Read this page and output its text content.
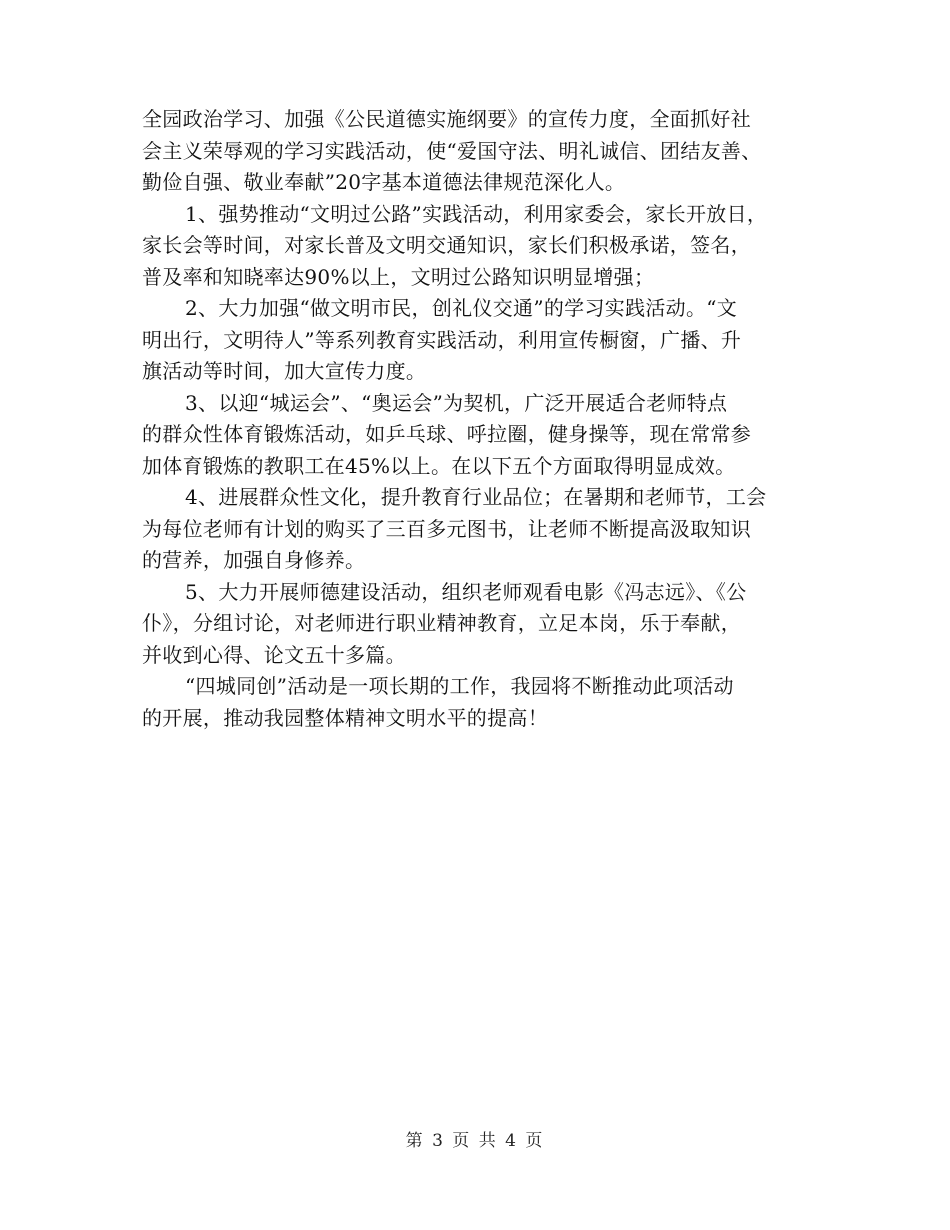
全园政治学习、加强《公民道德实施纲要》的宣传力度，全面抓好社
会主义荣辱观的学习实践活动，使“爱国守法、明礼诚信、团结友善、
勤俭自强、敬业奉献”20字基本道德法律规范深化人。
1、强势推动“文明过公路”实践活动，利用家委会，家长开放日，
家长会等时间，对家长普及文明交通知识，家长们积极承诺，签名，
普及率和知晓率达90%以上，文明过公路知识明显增强；
2、大力加强“做文明市民，创礼仪交通”的学习实践活动。“文
明出行，文明待人”等系列教育实践活动，利用宣传橱窗，广播、升
旗活动等时间，加大宣传力度。
3、以迎“城运会”、“奥运会”为契机，广泛开展适合老师特点
的群众性体育锻炼活动，如乒乓球、呼拉圈，健身操等，现在常常参
加体育锻炼的教职工在45%以上。在以下五个方面取得明显成效。
4、进展群众性文化，提升教育行业品位；在暑期和老师节，工会
为每位老师有计划的购买了三百多元图书，让老师不断提高汲取知识
的营养，加强自身修养。
5、大力开展师德建设活动，组织老师观看电影《冯志远》、《公
仆》，分组讨论，对老师进行职业精神教育，立足本岗，乐于奉献，
并收到心得、论文五十多篇。
“四城同创”活动是一项长期的工作，我园将不断推动此项活动
的开展，推动我园整体精神文明水平的提高！
第 3 页 共 4 页
